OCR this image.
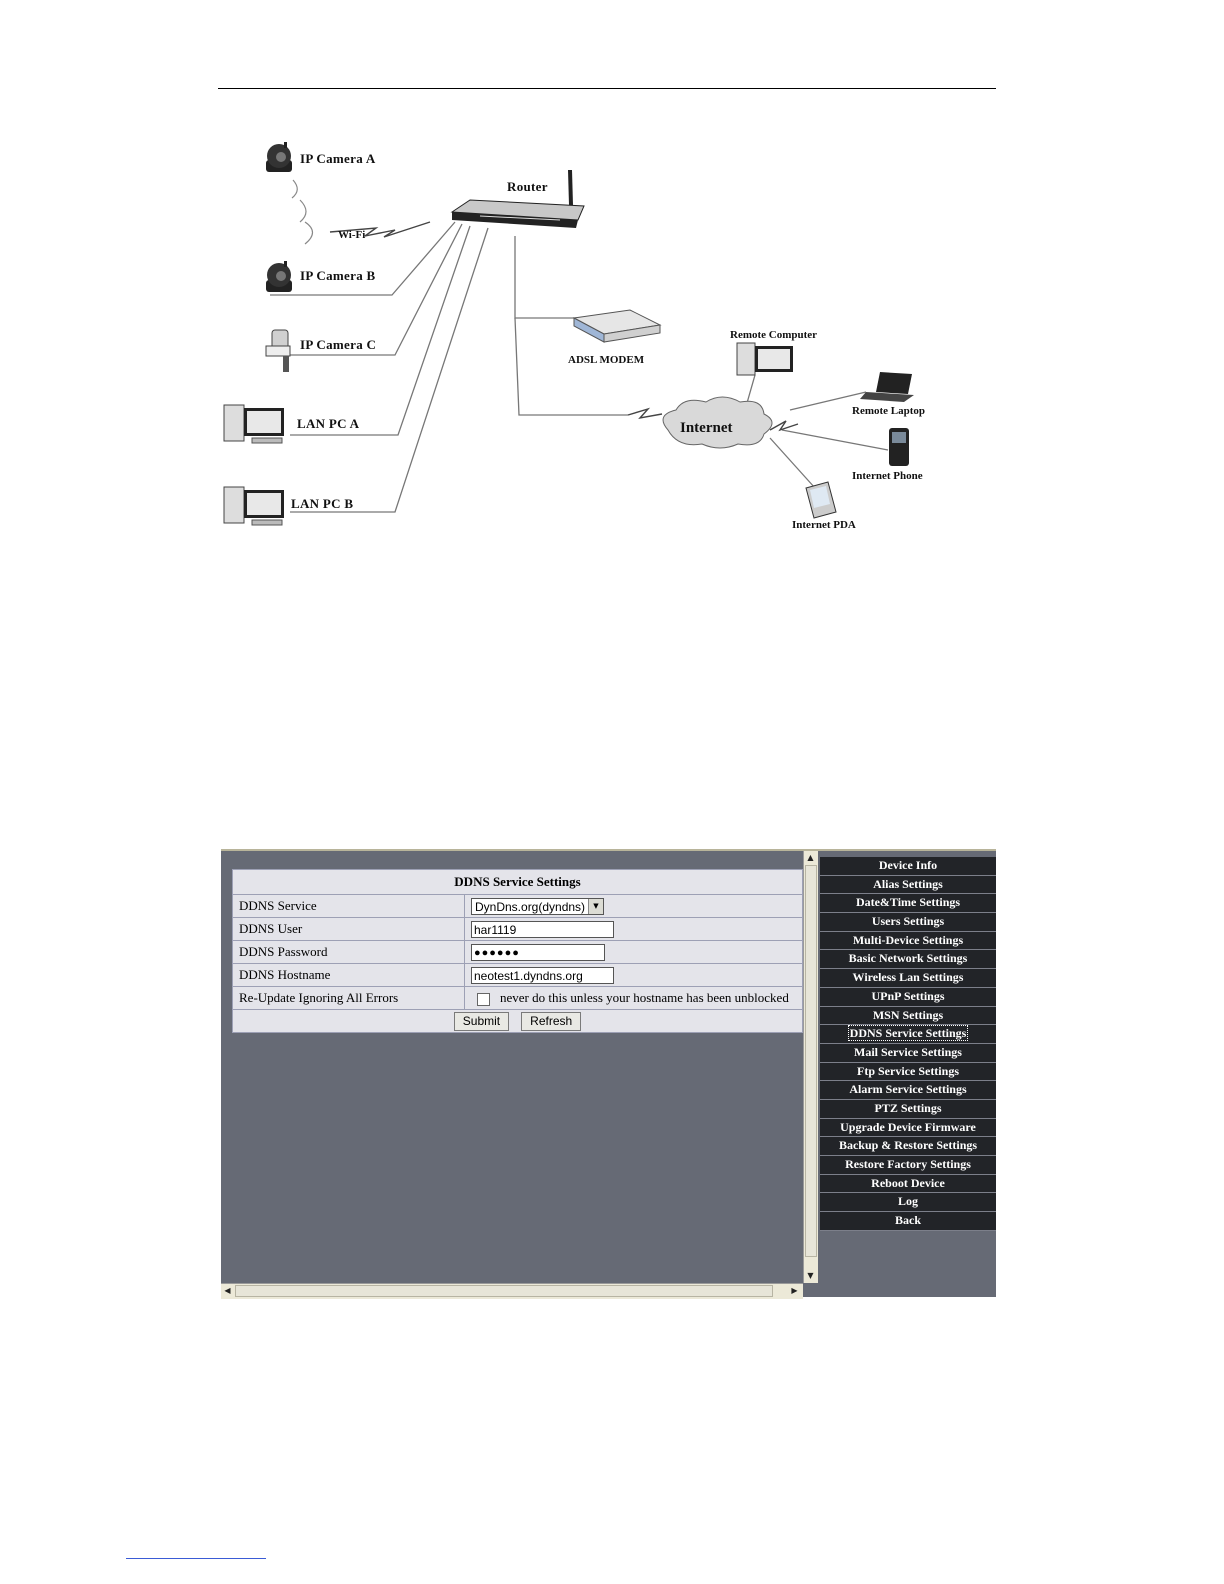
IP Camera A
IP Camera B
IP Camera C
LAN PC A
LAN PC B
Router
Wi-Fi
ADSL MODEM
Internet
Remote Computer
Remote Laptop
Internet Phone
Internet PDA
DDNS Service Settings	
DDNS Service	DynDns.org(dyndns) ▼

DDNS User	har1119
DDNS Password	●●●●●●
DDNS Hostname	neotest1.dyndns.org
Re-Update Ignoring All Errors	never do this unless your hostname has been unblocked
Submit Refresh	
▲
▼
◀	▶
Device Info
Alias Settings
Date&Time Settings
Users Settings
Multi-Device Settings
Basic Network Settings
Wireless Lan Settings
UPnP Settings
MSN Settings
DDNS Service Settings
Mail Service Settings
Ftp Service Settings
Alarm Service Settings
PTZ Settings
Upgrade Device Firmware
Backup & Restore Settings
Restore Factory Settings
Reboot Device
Log
Back
